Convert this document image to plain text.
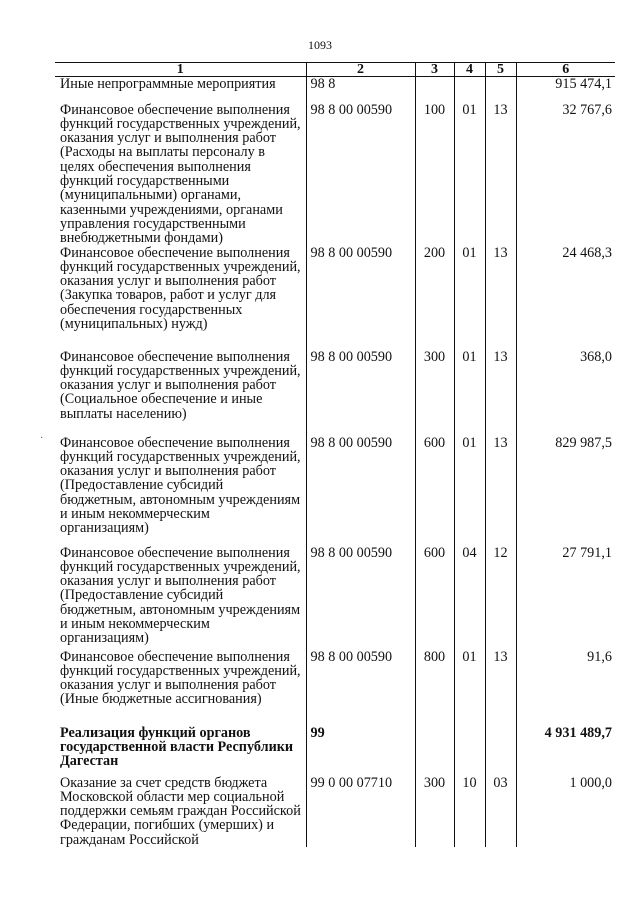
1093
1	2	3	4	5	6
Иные непрограммные мероприятия	98 8				915 474,1
Финансовое обеспечение выполнения функций государственных учреждений, оказания услуг и выполнения работ (Расходы на выплаты персоналу в целях обеспечения выполнения функций государственными (муниципальными) органами, казенными учреждениями, органами управления государственными внебюджетными фондами)	98 8 00 00590	100	01	13	32 767,6
Финансовое обеспечение выполнения функций государственных учреждений, оказания услуг и выполнения работ (Закупка товаров, работ и услуг для обеспечения государственных (муниципальных) нужд)	98 8 00 00590	200	01	13	24 468,3
Финансовое обеспечение выполнения функций государственных учреждений, оказания услуг и выполнения работ (Социальное обеспечение и иные выплаты населению)	98 8 00 00590	300	01	13	368,0
Финансовое обеспечение выполнения функций государственных учреждений, оказания услуг и выполнения работ (Предоставление субсидий бюджетным, автономным учреждениям и иным некоммерческим организациям)	98 8 00 00590	600	01	13	829 987,5
Финансовое обеспечение выполнения функций государственных учреждений, оказания услуг и выполнения работ (Предоставление субсидий бюджетным, автономным учреждениям и иным некоммерческим организациям)	98 8 00 00590	600	04	12	27 791,1
Финансовое обеспечение выполнения функций государственных учреждений, оказания услуг и выполнения работ (Иные бюджетные ассигнования)	98 8 00 00590	800	01	13	91,6
Реализация функций органов государственной власти Республики Дагестан	99				4 931 489,7
Оказание за счет средств бюджета Московской области мер социальной поддержки семьям граждан Российской Федерации, погибших (умерших) и гражданам Российской	99 0 00 07710	300	10	03	1 000,0
·
